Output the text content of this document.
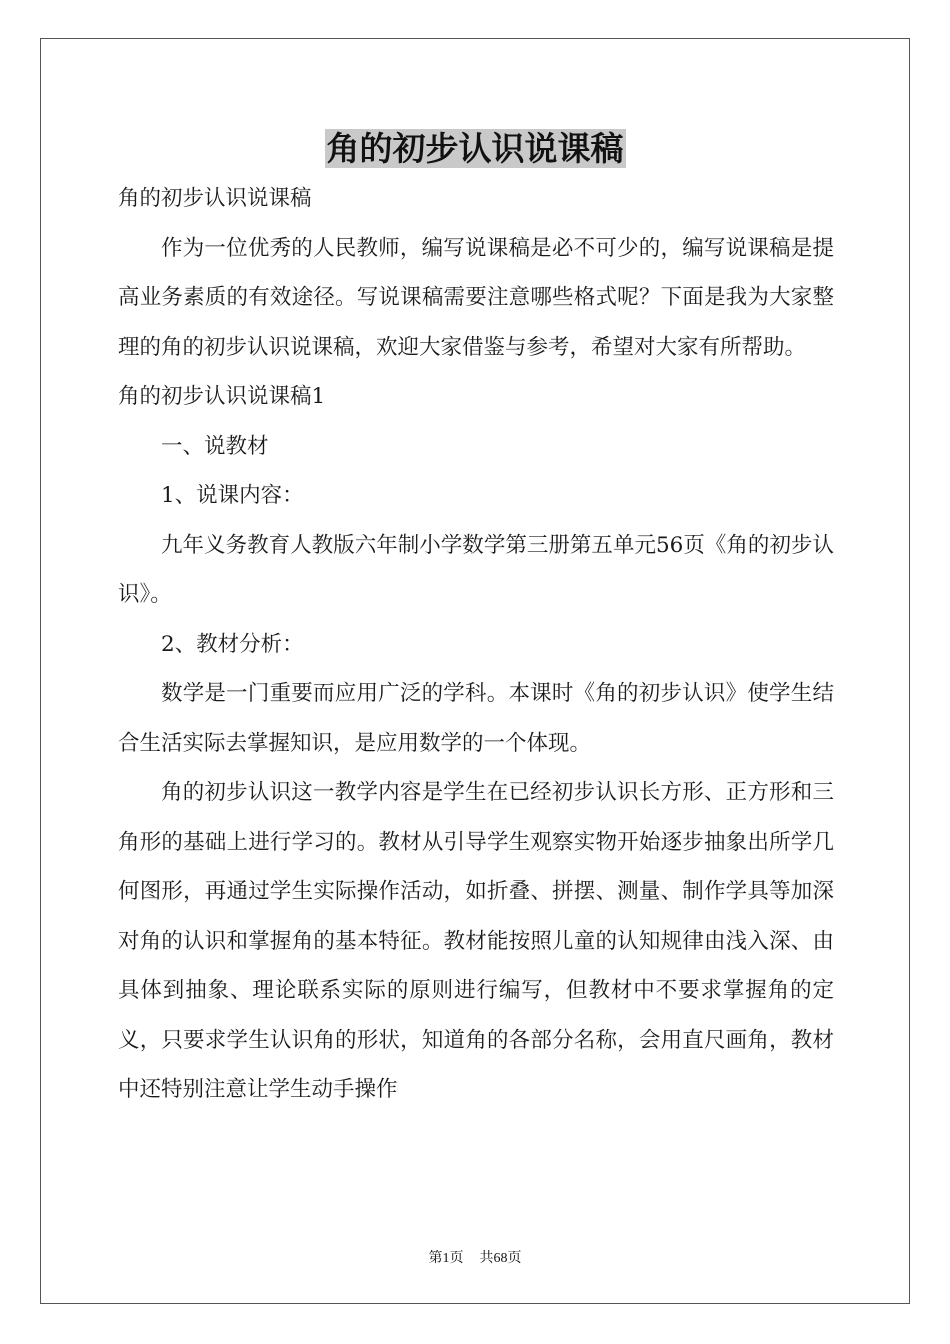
角的初步认识说课稿

角的初步认识说课稿

作为一位优秀的人民教师，编写说课稿是必不可少的，编写说课稿是提高业务素质的有效途径。写说课稿需要注意哪些格式呢？下面是我为大家整理的角的初步认识说课稿，欢迎大家借鉴与参考，希望对大家有所帮助。

角的初步认识说课稿1

一、说教材

1、说课内容：

九年义务教育人教版六年制小学数学第三册第五单元56页《角的初步认识》。

2、教材分析：

数学是一门重要而应用广泛的学科。本课时《角的初步认识》使学生结合生活实际去掌握知识，是应用数学的一个体现。

角的初步认识这一教学内容是学生在已经初步认识长方形、正方形和三角形的基础上进行学习的。教材从引导学生观察实物开始逐步抽象出所学几何图形，再通过学生实际操作活动，如折叠、拼摆、测量、制作学具等加深对角的认识和掌握角的基本特征。教材能按照儿童的认知规律由浅入深、由具体到抽象、理论联系实际的原则进行编写，但教材中不要求掌握角的定义，只要求学生认识角的形状，知道角的各部分名称，会用直尺画角，教材中还特别注意让学生动手操作

第1页 共68页
